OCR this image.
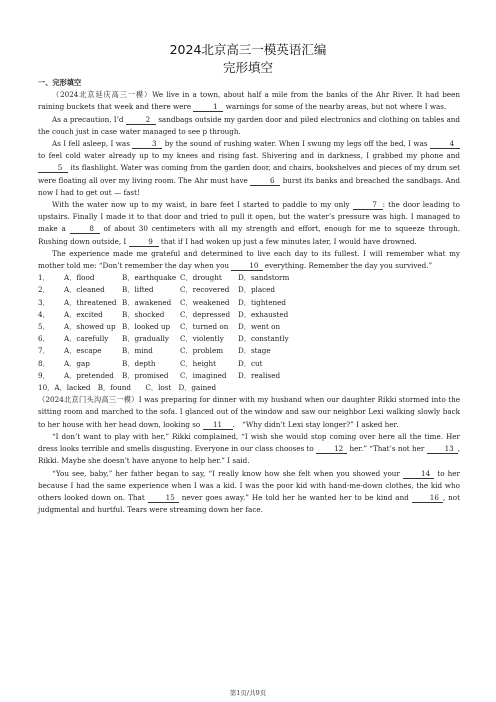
2024北京高三一模英语汇编
完形填空
一、完形填空

（2024北京延庆高三一模）We live in a town, about half a mile from the banks of the Ahr River. It had been raining buckets that week and there were	1 warnings for some of the nearby areas, but not where I was.

As a precaution, I’d	2 sandbags outside my garden door and piled electronics and clothing on tables and the couch just in case water managed to see p through.

As I fell asleep, I was	3 by the sound of rushing water. When I swung my legs off the bed, I was	4 to feel cold water already up to my knees and rising fast. Shivering and in darkness, I grabbed my phone and 5 its flashlight. Water was coming from the garden door, and chairs, bookshelves and pieces of my drum set were floating all over my living room. The Ahr must have	6 burst its banks and breached the sandbags. And now I had to get out — fast!

With the water now up to my waist, in bare feet I started to paddle to my only	7 : the door leading to upstairs. Finally I made it to that door and tried to pull it open, but the water’s pressure was high. I managed to make a	8 of about 30 centimeters with all my strength and effort, enough for me to squeeze through. Rushing down outside, I	9 that if I had woken up just a few minutes later, I would have drowned.

The experience made me grateful and determined to live each day to its fullest. I will remember what my mother told me: “Don’t remember the day when you	10 everything. Remember the day you survived.”

1．	A．flood	B．earthquake C．drought	D．sandstorm
2．	A．cleaned	B．lifted	C．recovered	D．placed
3．	A．threatened B．awakened	C．weakened	D．tightened
4．	A．excited	B．shocked	C．depressed	D．exhausted
5．	A．showed up B．looked up	C．turned on	D．went on
6．	A．carefully	B．gradually	C．violently	D．constantly
7．	A．escape	B．mind	C．problem	D．stage
8．	A．gap	B．depth	C．height	D．cut
9．	A．pretended	B．promised	C．imagined	D．realised
10．A．lacked　B．found　　C．lost　D．gained

（2024北京门头沟高三一模）I was preparing for dinner with my husband when our daughter Rikki stormed into the sitting room and marched to the sofa. I glanced out of the window and saw our neighbor Lexi walking slowly back to her house with her head down, looking so 11 .　“Why didn’t Lexi stay longer?” I asked her.

“I don’t want to play with her,” Rikki complained, “I wish she would stop coming over here all the time. Her dress looks terrible and smells disgusting. Everyone in our class chooses to	12 her.” “That’s not her	13 , Rikki. Maybe she doesn’t have anyone to help her.” I said.

“You see, baby,” her father began to say, “I really know how she felt when you showed your	14 to her because I had the same experience when I was a kid. I was the poor kid with hand-me-down clothes, the kid who others looked down on. That	15 never goes away.” He told her he wanted her to be kind and	16 , not judgmental and hurtful. Tears were streaming down her face.

第1页/共9页
